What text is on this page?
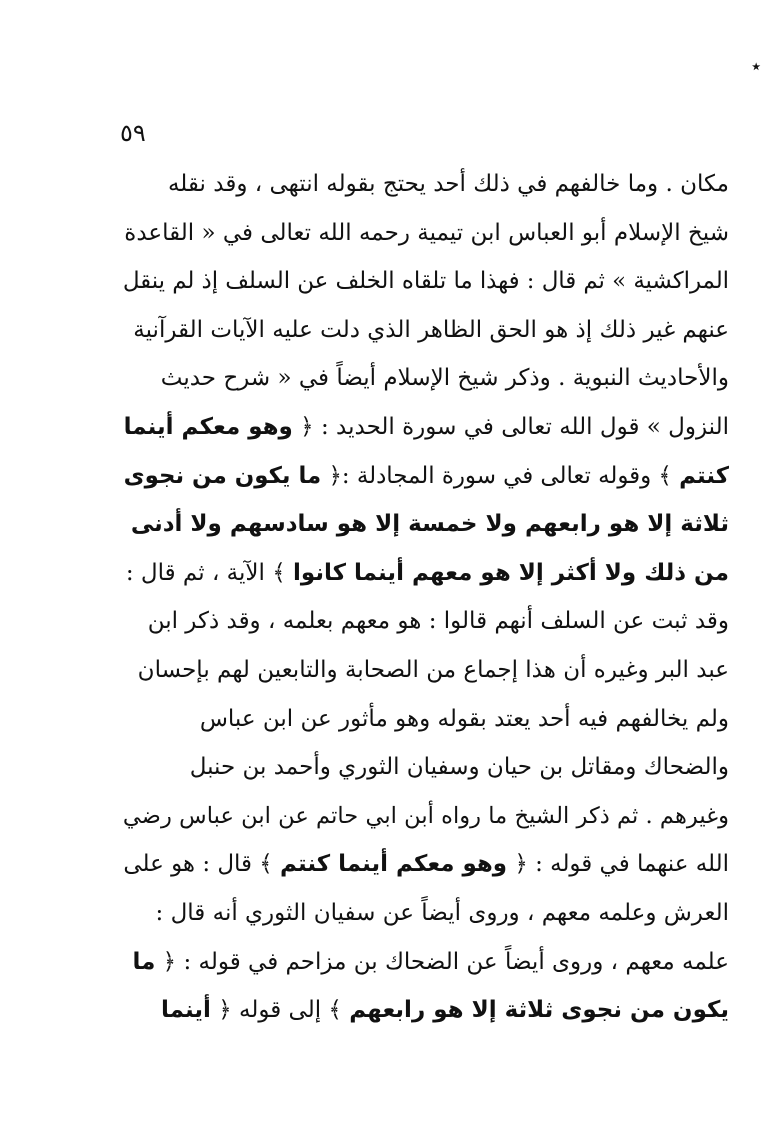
٭
٥٩
مكان . وما خالفهم في ذلك أحد يحتج بقوله انتهى ، وقد نقله
شيخ الإسلام أبو العباس ابن تيمية رحمه الله تعالى في « القاعدة
المراكشية » ثم قال : فهذا ما تلقاه الخلف عن السلف إذ لم ينقل
عنهم غير ذلك إذ هو الحق الظاهر الذي دلت عليه الآيات القرآنية
والأحاديث النبوية . وذكر شيخ الإسلام أيضاً في « شرح حديث
النزول » قول الله تعالى في سورة الحديد : ﴿ وهو معكم أينما
كنتم ﴾ وقوله تعالى في سورة المجادلة :﴿ ما يكون من نجوى
ثلاثة إلا هو رابعهم ولا خمسة إلا هو سادسهم ولا أدنى
من ذلك ولا أكثر إلا هو معهم أينما كانوا ﴾ الآية ، ثم قال :
وقد ثبت عن السلف أنهم قالوا : هو معهم بعلمه ، وقد ذكر ابن
عبد البر وغيره أن هذا إجماع من الصحابة والتابعين لهم بإحسان
ولم يخالفهم فيه أحد يعتد بقوله وهو مأثور عن ابن عباس
والضحاك ومقاتل بن حيان وسفيان الثوري وأحمد بن حنبل
وغيرهم . ثم ذكر الشيخ ما رواه أبن ابي حاتم عن ابن عباس رضي
الله عنهما في قوله : ﴿ وهو معكم أينما كنتم ﴾ قال : هو على
العرش وعلمه معهم ، وروى أيضاً عن سفيان الثوري أنه قال :
علمه معهم ، وروى أيضاً عن الضحاك بن مزاحم في قوله : ﴿ ما
يكون من نجوى ثلاثة إلا هو رابعهم ﴾ إلى قوله ﴿ أينما
